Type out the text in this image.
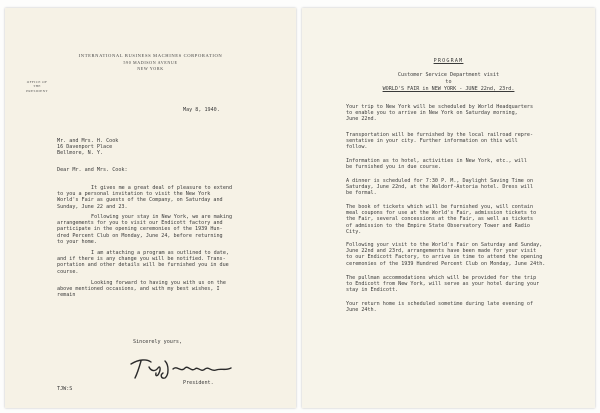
INTERNATIONAL BUSINESS MACHINES CORPORATION
590 MADISON AVENUE
NEW YORK
OFFICE OF
THE PRESIDENT
May 8, 1940.
Mr. and Mrs. H. Cook
16 Davenport Place
Bellmore, N. Y.
Dear Mr. and Mrs. Cook:
It gives me a great deal of pleasure to extend
to you a personal invitation to visit the New York
World's Fair as guests of the Company, on Saturday and
Sunday, June 22 and 23.
Following your stay in New York, we are making
arrangements for you to visit our Endicott factory and
participate in the opening ceremonies of the 1939 Hun-
dred Percent Club on Monday, June 24, before returning
to your home.
I am attaching a program as outlined to date,
and if there is any change you will be notified. Trans-
portation and other details will be furnished you in due
course.
Looking forward to having you with us on the
above mentioned occasions, and with my best wishes, I
remain
Sincerely yours,
President.
TJW:S
PROGRAM
Customer Service Department visit
to
WORLD'S FAIR in NEW YORK - JUNE 22nd, 23rd.
Your trip to New York will be scheduled by World Headquarters
to enable you to arrive in New York on Saturday morning,
June 22nd.
Transportation will be furnished by the local railroad repre-
sentative in your city. Further information on this will
follow.
Information as to hotel, activities in New York, etc., will
be furnished you in due course.
A dinner is scheduled for 7:30 P. M., Daylight Saving Time on
Saturday, June 22nd, at the Waldorf-Astoria hotel. Dress will
be formal.
The book of tickets which will be furnished you, will contain
meal coupons for use at the World's Fair, admission tickets to
the Fair, several concessions at the Fair, as well as tickets
of admission to the Empire State Observatory Tower and Radio
City.
Following your visit to the World's Fair on Saturday and Sunday,
June 22nd and 23rd, arrangements have been made for your visit
to our Endicott Factory, to arrive in time to attend the opening
ceremonies of the 1939 Hundred Percent Club on Monday, June 24th.
The pullman accommodations which will be provided for the trip
to Endicott from New York, will serve as your hotel during your
stay in Endicott.
Your return home is scheduled sometime during late evening of
June 24th.
